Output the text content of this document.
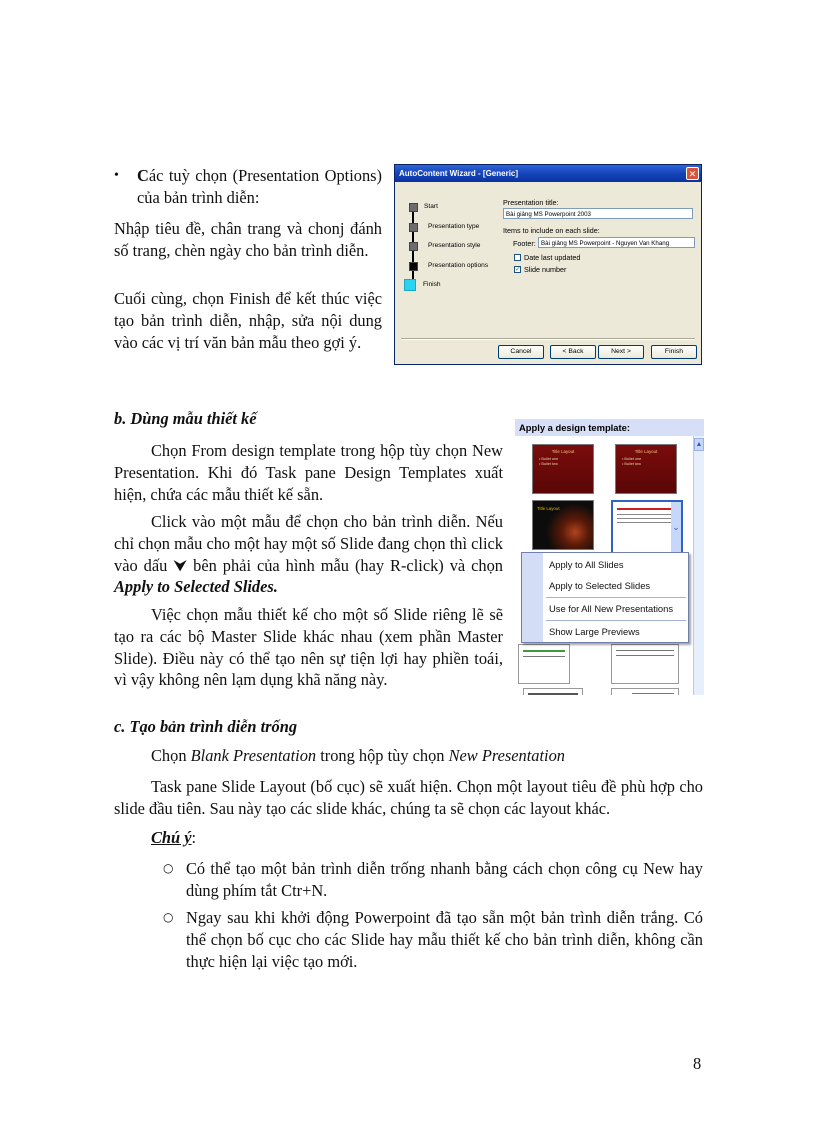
• Các tuỳ chọn (Presentation Options) của bản trình diễn:
Nhập tiêu đề, chân trang và chonj đánh số trang, chèn ngày cho bản trình diễn.
Cuối cùng, chọn Finish để kết thúc việc tạo bản trình diễn, nhập, sửa nội dung vào các vị trí văn bản mẫu theo gợi ý.
AutoContent Wizard - [Generic]	✕
Start
Presentation type
Presentation style
Presentation options
Finish
Presentation title:
Bài giảng MS Powerpoint 2003
Items to include on each slide:
Footer: Bài giảng MS Powerpoint - Nguyen Van Khang
Date last updated
✓ Slide number
Cancel	< Back	Next >	Finish
b. Dùng mẫu thiết kế
Chọn From design template trong hộp tùy chọn New Presentation. Khi đó Task pane Design Templates xuất hiện, chứa các mẫu thiết kế sẵn.
Click vào một mẫu để chọn cho bản trình diễn. Nếu chỉ chọn mẫu cho một hay một số Slide đang chọn thì click vào dấu ⮟ bên phải của hình mẫu (hay R-click) và chọn Apply to Selected Slides.
Việc chọn mẫu thiết kế cho một số Slide riêng lẽ sẽ tạo ra các bộ Master Slide khác nhau (xem phần Master Slide). Điều này có thể tạo nên sự tiện lợi hay phiền toái, vì vậy không nên lạm dụng khã năng này.
Apply a design template:
Title Layout
• Bullet one
• Bullet two
Title Layout
• Bullet one
• Bullet two
Title Layout
⌄
▲
Apply to All Slides
Apply to Selected Slides
Use for All New Presentations
Show Large Previews
c. Tạo bản trình diễn trống
Chọn Blank Presentation trong hộp tùy chọn New Presentation
Task pane Slide Layout (bố cục) sẽ xuất hiện. Chọn một layout tiêu đề phù hợp cho slide đầu tiên. Sau này tạo các slide khác, chúng ta sẽ chọn các layout khác.
Chú ý:
○ Có thể tạo một bản trình diễn trống nhanh bằng cách chọn công cụ New hay dùng phím tắt Ctr+N.
○ Ngay sau khi khởi động Powerpoint đã tạo sẵn một bản trình diễn trắng. Có thể chọn bố cục cho các Slide hay mẫu thiết kế cho bản trình diễn, không cần thực hiện lại việc tạo mới.
8
